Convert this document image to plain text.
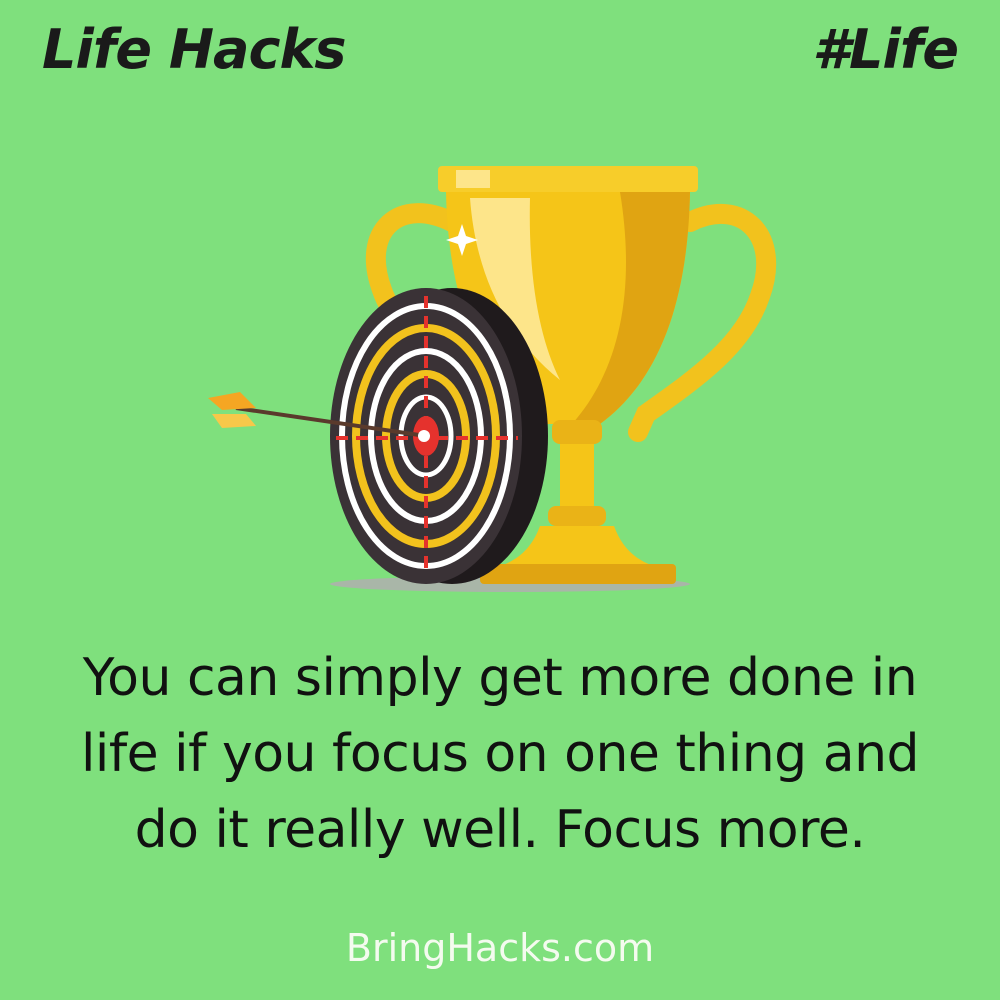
Life Hacks	#Life
You can simply get more done in
life if you focus on one thing and
do it really well. Focus more.
BringHacks.com
